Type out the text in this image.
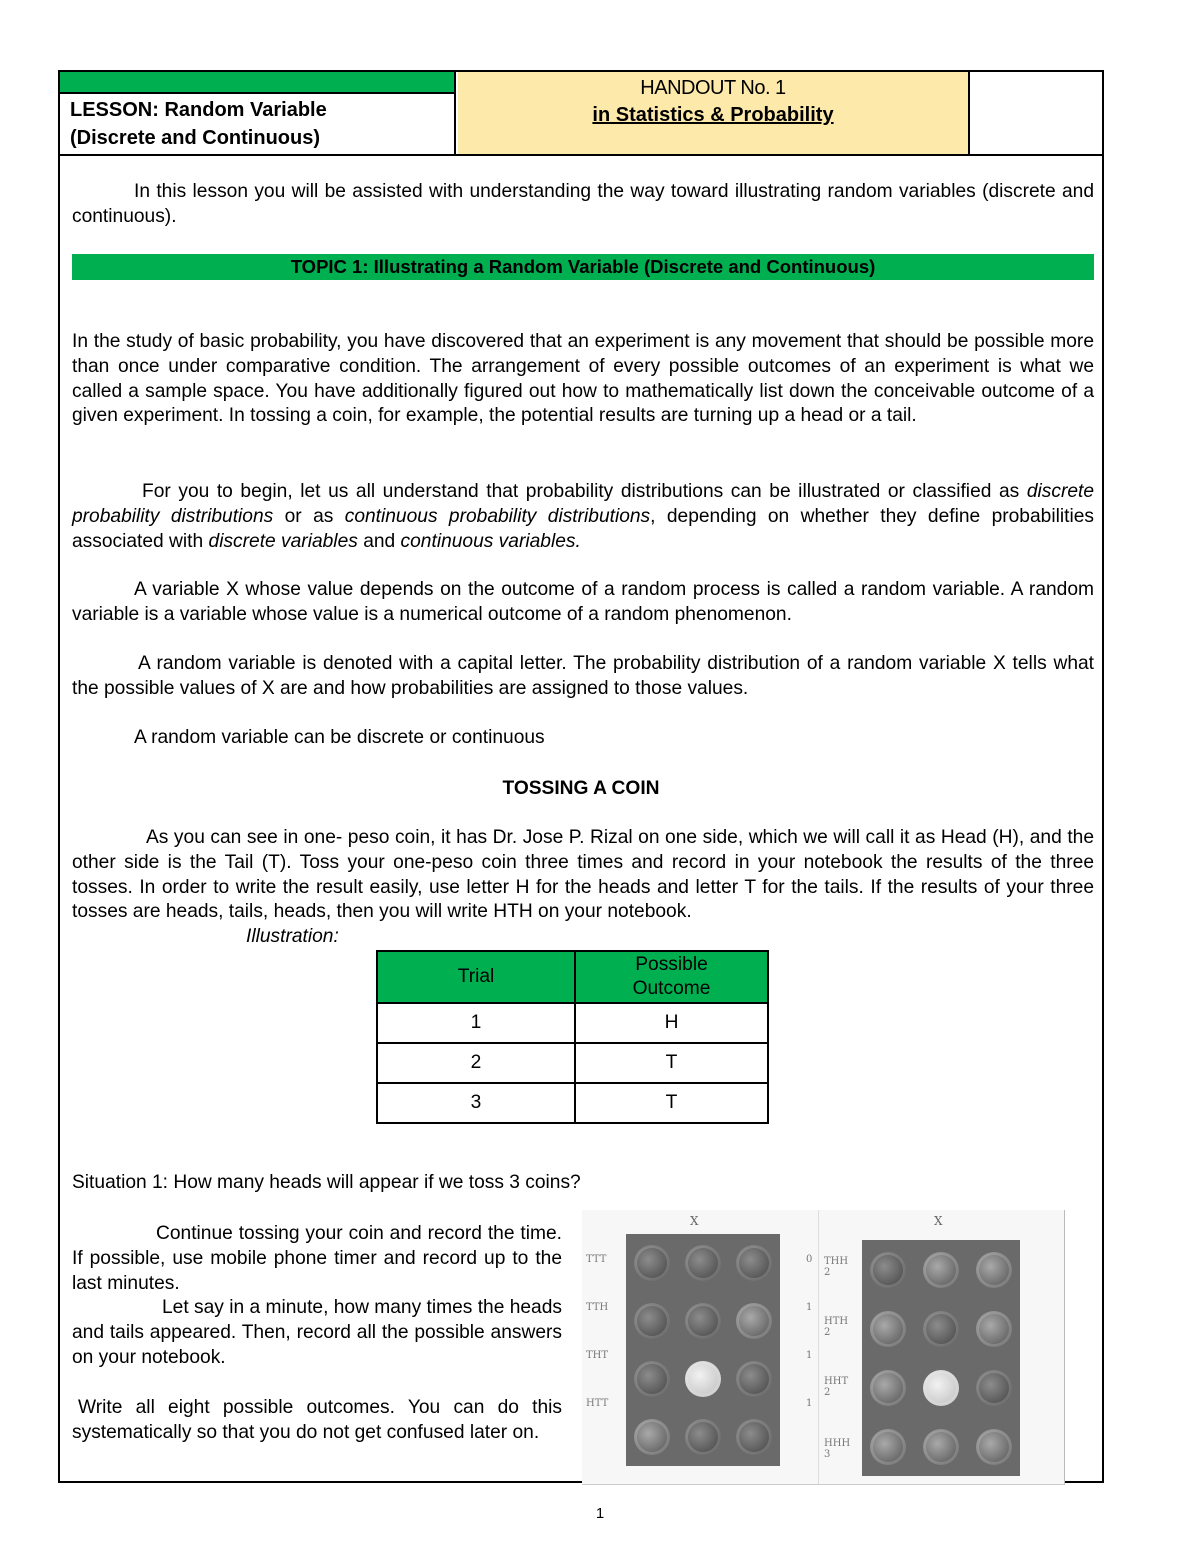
LESSON: Random Variable
(Discrete and Continuous)
HANDOUT No. 1
in Statistics & Probability
In this lesson you will be assisted with understanding the way toward illustrating random variables (discrete and continuous).
TOPIC 1: Illustrating a Random Variable (Discrete and Continuous)
In the study of basic probability, you have discovered that an experiment is any movement that should be possible more than once under comparative condition. The arrangement of every possible outcomes of an experiment is what we called a sample space. You have additionally figured out how to mathematically list down the conceivable outcome of a given experiment. In tossing a coin, for example, the potential results are turning up a head or a tail.
For you to begin, let us all understand that probability distributions can be illustrated or classified as discrete probability distributions or as continuous probability distributions, depending on whether they define probabilities associated with discrete variables and continuous variables.
A variable X whose value depends on the outcome of a random process is called a random variable. A random variable is a variable whose value is a numerical outcome of a random phenomenon.
A random variable is denoted with a capital letter. The probability distribution of a random variable X tells what the possible values of X are and how probabilities are assigned to those values.
A random variable can be discrete or continuous
TOSSING A COIN
As you can see in one- peso coin, it has Dr. Jose P. Rizal on one side, which we will call it as Head (H), and the other side is the Tail (T). Toss your one-peso coin three times and record in your notebook the results of the three tosses. In order to write the result easily, use letter H for the heads and letter T for the tails. If the results of your three tosses are heads, tails, heads, then you will write HTH on your notebook.
Illustration:
Trial	Possible
Outcome
1	H
2	T
3	T
Situation 1: How many heads will appear if we toss 3 coins?
Continue tossing your coin and record the time. If possible, use mobile phone timer and record up to the last minutes.
Let say in a minute, how many times the heads and tails appeared. Then, record all the possible answers on your notebook.
Write all eight possible outcomes. You can do this systematically so that you do not get confused later on.
X	X
TTT
TTH
THT
HTT
0
1
1
1
THH
2
HTH
2
HHT
2
HHH
3
1
